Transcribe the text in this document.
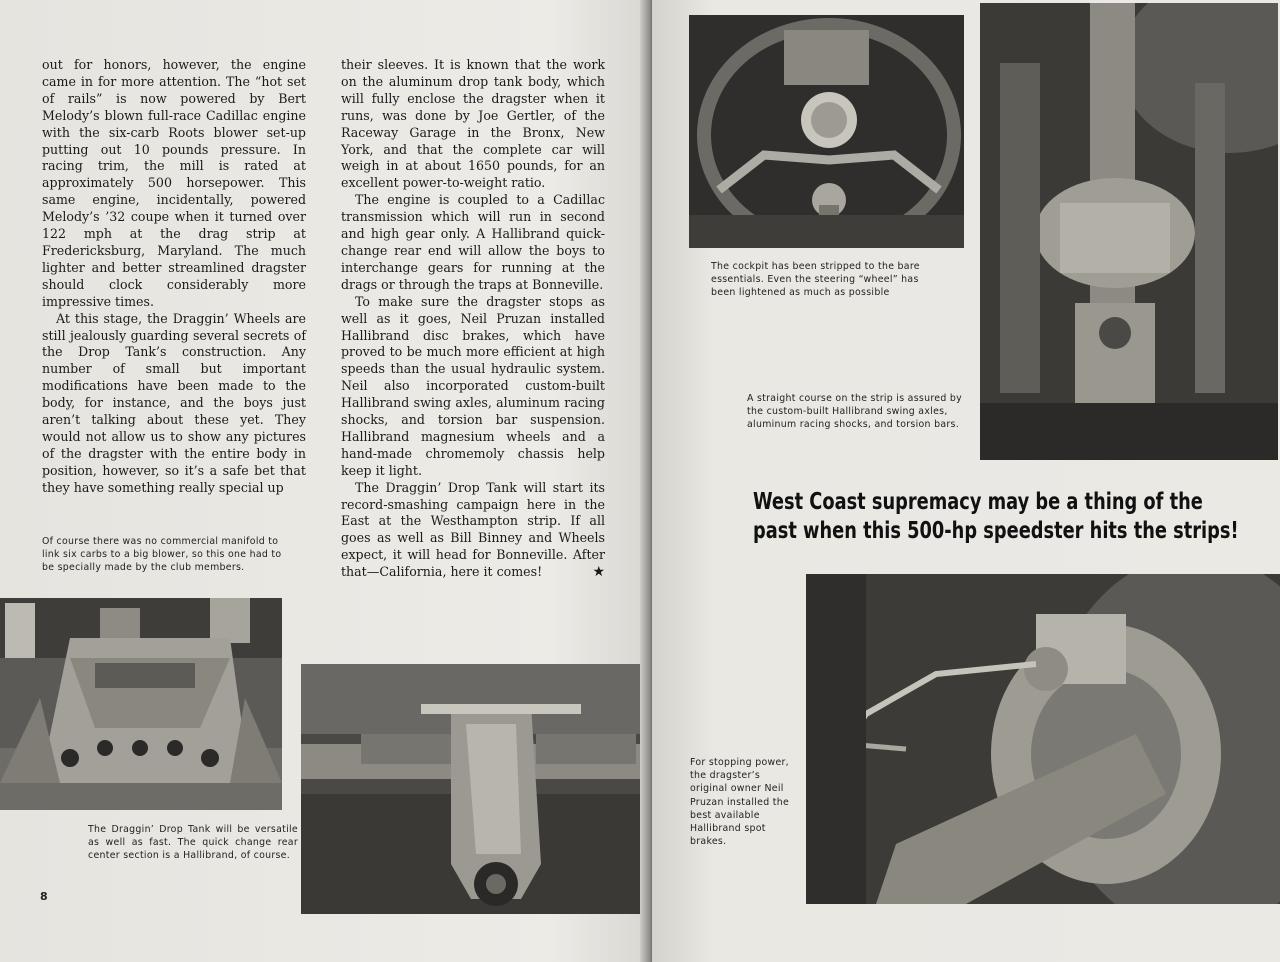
out for honors, however, the engine came in for more attention. The “hot set of rails” is now powered by Bert Melody’s blown full-race Cadillac engine with the six-carb Roots blower set-up putting out 10 pounds pressure. In racing trim, the mill is rated at approximately 500 horsepower. This same engine, incidentally, powered Melody’s ’32 coupe when it turned over 122 mph at the drag strip at Fredericksburg, Maryland. The much lighter and better streamlined dragster should clock considerably more impressive times.

At this stage, the Draggin’ Wheels are still jealously guarding several secrets of the Drop Tank’s construction. Any number of small but important modifications have been made to the body, for instance, and the boys just aren’t talking about these yet. They would not allow us to show any pictures of the dragster with the entire body in position, however, so it’s a safe bet that they have something really special up

their sleeves. It is known that the work on the aluminum drop tank body, which will fully enclose the dragster when it runs, was done by Joe Gertler, of the Raceway Garage in the Bronx, New York, and that the complete car will weigh in at about 1650 pounds, for an excellent power-to-weight ratio.

The engine is coupled to a Cadillac transmission which will run in second and high gear only. A Hallibrand quick-change rear end will allow the boys to interchange gears for running at the drags or through the traps at Bonneville.

To make sure the dragster stops as well as it goes, Neil Pruzan installed Hallibrand disc brakes, which have proved to be much more efficient at high speeds than the usual hydraulic system. Neil also incorporated custom-built Hallibrand swing axles, aluminum racing shocks, and torsion bar suspension. Hallibrand magnesium wheels and a hand-made chromemoly chassis help keep it light.

The Draggin’ Drop Tank will start its record-smashing campaign here in the East at the Westhampton strip. If all goes as well as Bill Binney and Wheels expect, it will head for Bonneville. After that—California, here it comes!	★

Of course there was no commercial manifold to link six carbs to a big blower, so this one had to be specially made by the club members.
The Draggin’ Drop Tank will be versatile as well as fast. The quick change rear center section is a Hallibrand, of course.
8
The cockpit has been stripped to the bare essentials. Even the steering “wheel” has been lightened as much as possible
A straight course on the strip is assured by the custom-built Hallibrand swing axles, aluminum racing shocks, and torsion bars.
West Coast supremacy may be a thing of the
past when this 500-hp speedster hits the strips!
For stopping power, the dragster’s original owner Neil Pruzan installed the best available Hallibrand spot brakes.
